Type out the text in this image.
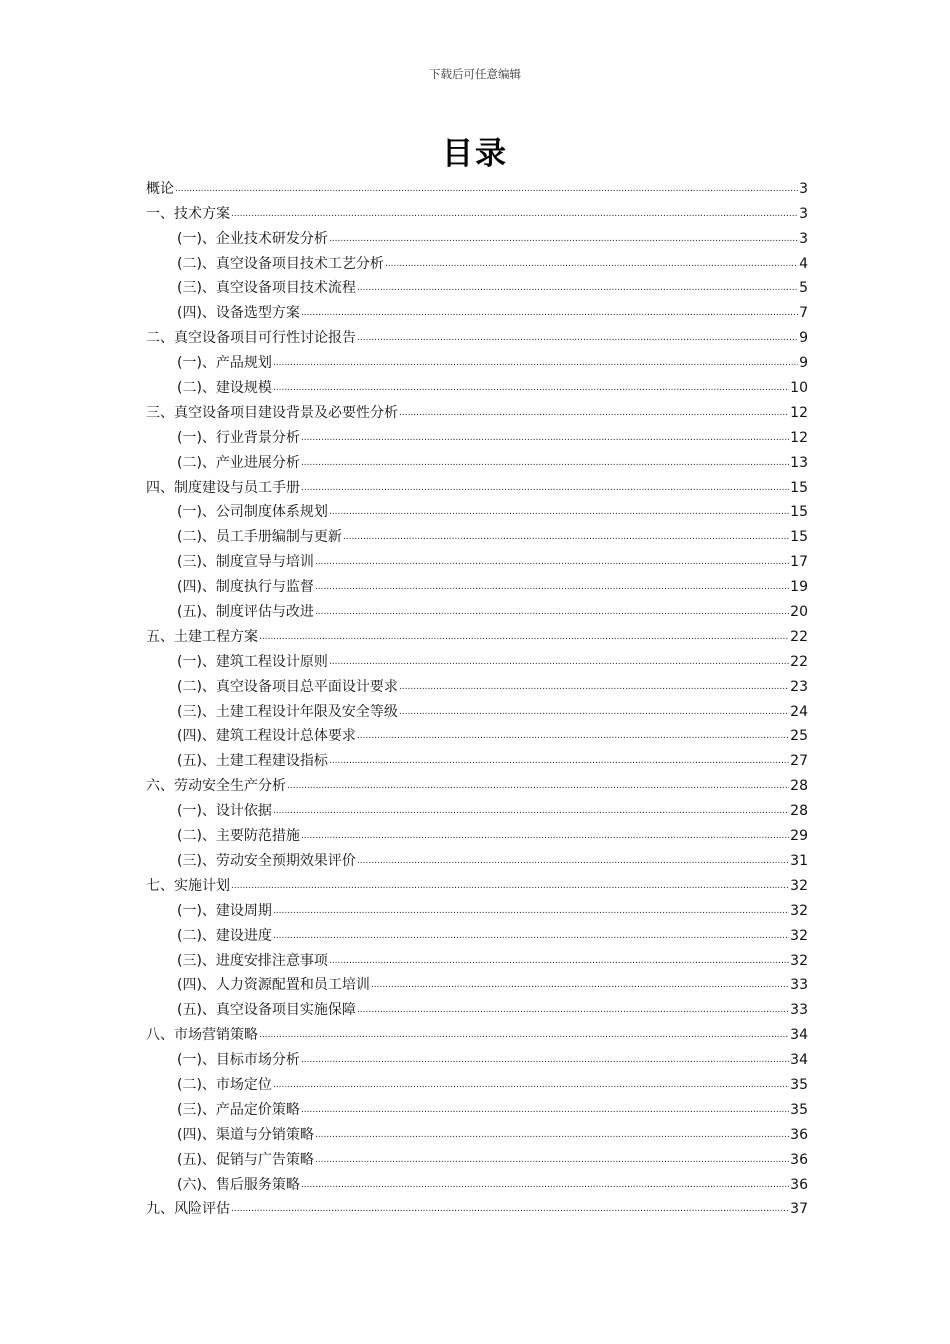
下载后可任意编辑
目录
概论 .....	3
一、技术方案 .....	3
(一)、企业技术研发分析 .....	3
(二)、真空设备项目技术工艺分析 .....	4
(三)、真空设备项目技术流程 .....	5
(四)、设备选型方案 .....	7
二、真空设备项目可行性讨论报告 .....	9
(一)、产品规划 .....	9
(二)、建设规模 .....	10
三、真空设备项目建设背景及必要性分析 .....	12
(一)、行业背景分析 .....	12
(二)、产业进展分析 .....	13
四、制度建设与员工手册 .....	15
(一)、公司制度体系规划 .....	15
(二)、员工手册编制与更新 .....	15
(三)、制度宣导与培训 .....	17
(四)、制度执行与监督 .....	19
(五)、制度评估与改进 .....	20
五、土建工程方案 .....	22
(一)、建筑工程设计原则 .....	22
(二)、真空设备项目总平面设计要求 .....	23
(三)、土建工程设计年限及安全等级 .....	24
(四)、建筑工程设计总体要求 .....	25
(五)、土建工程建设指标 .....	27
六、劳动安全生产分析 .....	28
(一)、设计依据 .....	28
(二)、主要防范措施 .....	29
(三)、劳动安全预期效果评价 .....	31
七、实施计划 .....	32
(一)、建设周期 .....	32
(二)、建设进度 .....	32
(三)、进度安排注意事项 .....	32
(四)、人力资源配置和员工培训 .....	33
(五)、真空设备项目实施保障 .....	33
八、市场营销策略 .....	34
(一)、目标市场分析 .....	34
(二)、市场定位 .....	35
(三)、产品定价策略 .....	35
(四)、渠道与分销策略 .....	36
(五)、促销与广告策略 .....	36
(六)、售后服务策略 .....	36
九、风险评估 .....	37
